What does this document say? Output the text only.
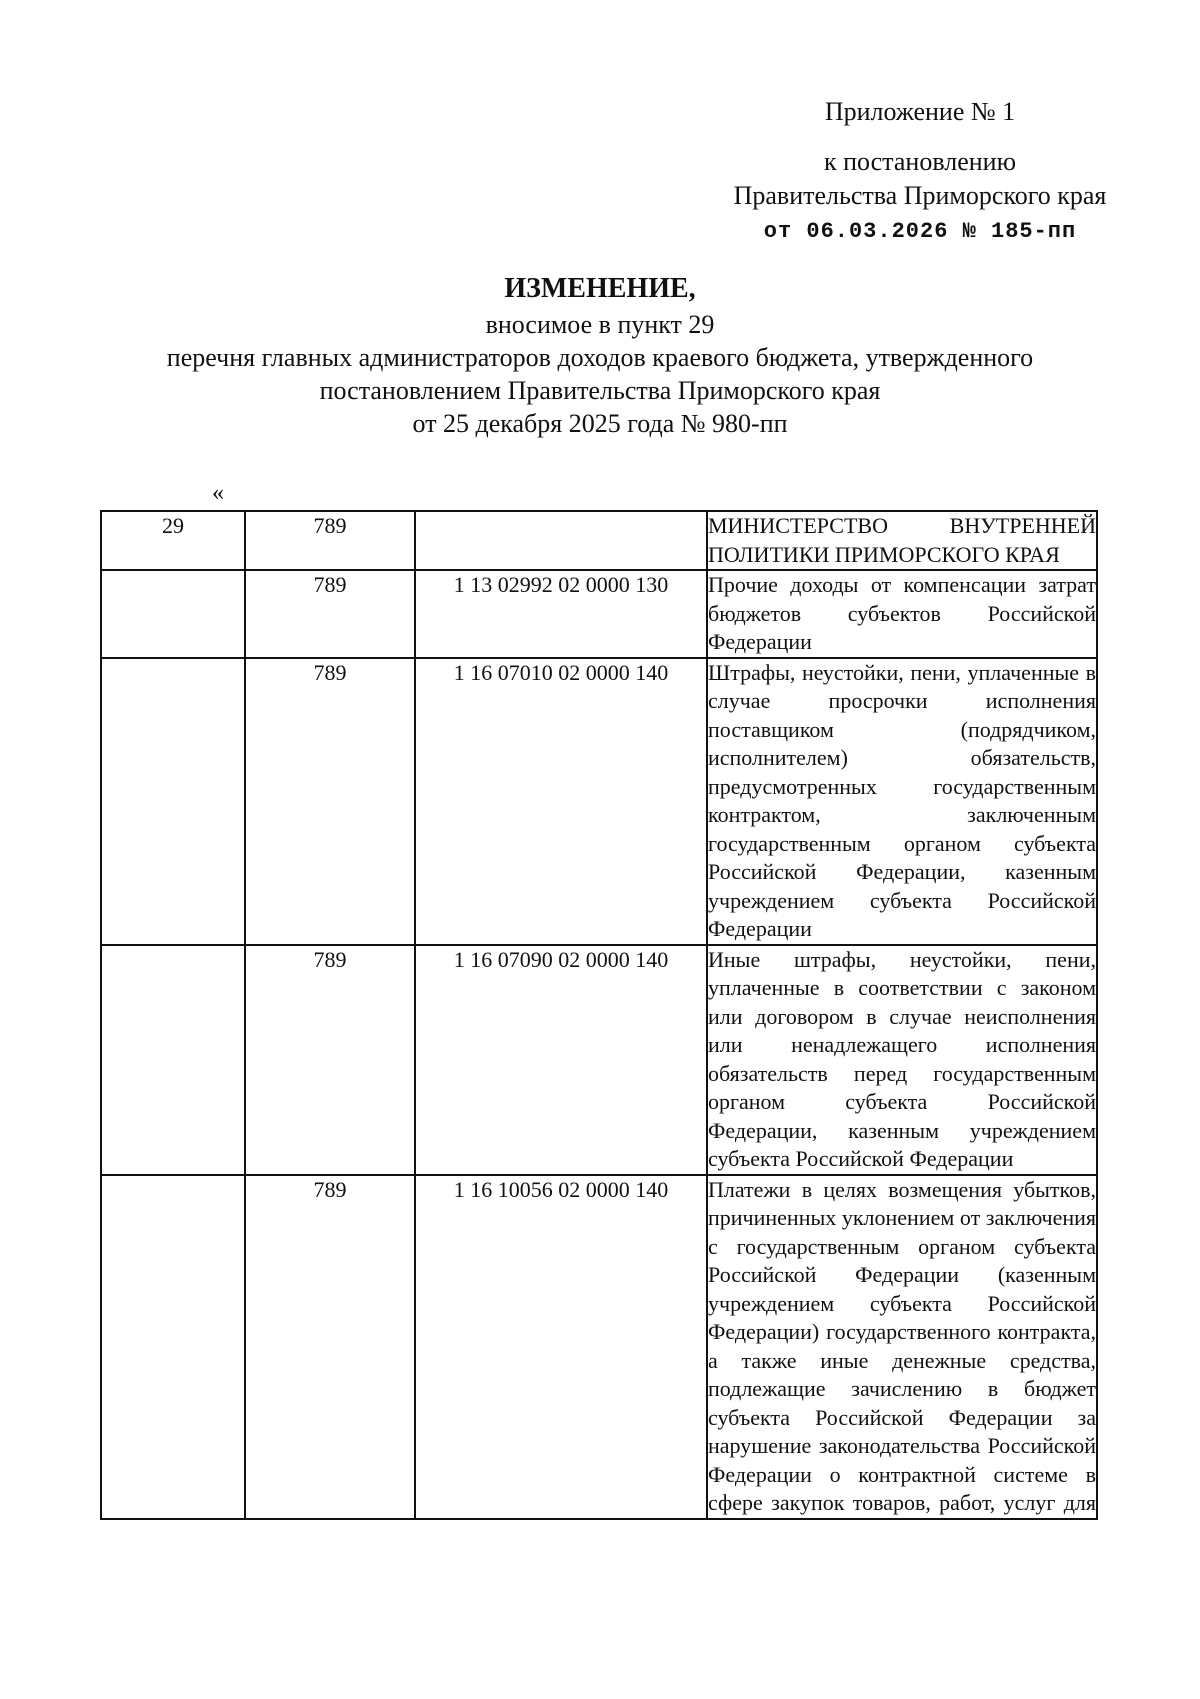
Приложение № 1
к постановлению
Правительства Приморского края
от 06.03.2026 № 185-пп
ИЗМЕНЕНИЕ,
вносимое в пункт 29
перечня главных администраторов доходов краевого бюджета, утвержденного
постановлением Правительства Приморского края
от 25 декабря 2025 года № 980-пп
«
29	789		МИНИСТЕРСТВО ВНУТРЕННЕЙ ПОЛИТИКИ ПРИМОРСКОГО КРАЯ
	789	1 13 02992 02 0000 130	Прочие доходы от компенсации затрат бюджетов субъектов Российской Федерации
	789	1 16 07010 02 0000 140	Штрафы, неустойки, пени, уплаченные в случае просрочки исполнения поставщиком (подрядчиком, исполнителем) обязательств, предусмотренных государственным контрактом, заключенным государственным органом субъекта Российской Федерации, казенным учреждением субъекта Российской Федерации
	789	1 16 07090 02 0000 140	Иные штрафы, неустойки, пени, уплаченные в соответствии с законом или договором в случае неисполнения или ненадлежащего исполнения обязательств перед государственным органом субъекта Российской Федерации, казенным учреждением субъекта Российской Федерации
	789	1 16 10056 02 0000 140	Платежи в целях возмещения убытков, причиненных уклонением от заключения с государственным органом субъекта Российской Федерации (казенным учреждением субъекта Российской Федерации) государственного контракта, а также иные денежные средства, подлежащие зачислению в бюджет субъекта Российской Федерации за нарушение законодательства Российской Федерации о контрактной системе в сфере закупок товаров, работ, услуг для
